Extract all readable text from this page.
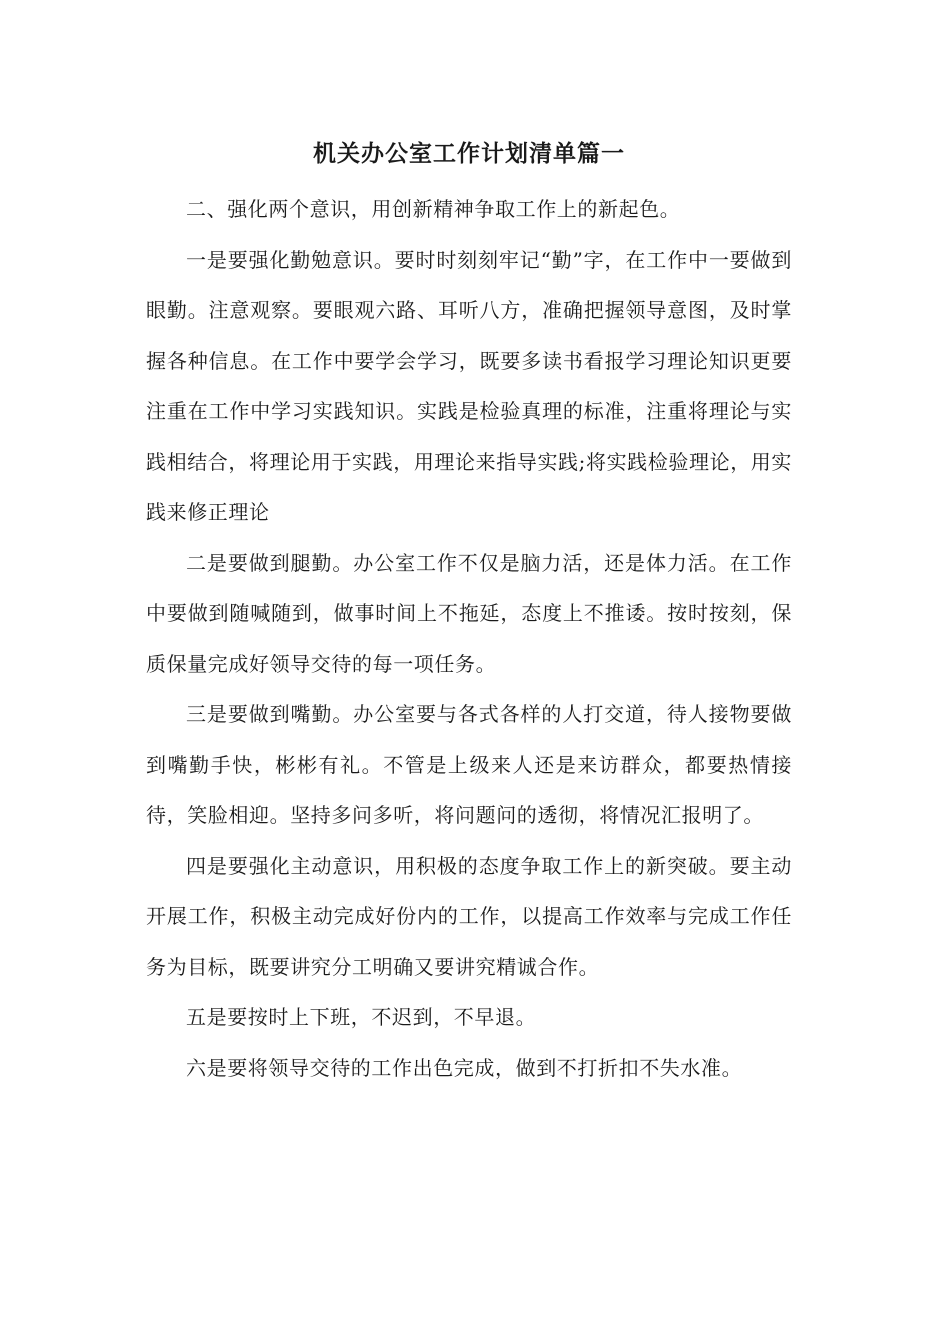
机关办公室工作计划清单篇一

二、强化两个意识，用创新精神争取工作上的新起色。

一是要强化勤勉意识。要时时刻刻牢记“勤”字，在工作中一要做到眼勤。注意观察。要眼观六路、耳听八方，准确把握领导意图，及时掌握各种信息。在工作中要学会学习，既要多读书看报学习理论知识更要注重在工作中学习实践知识。实践是检验真理的标准，注重将理论与实践相结合，将理论用于实践，用理论来指导实践;将实践检验理论，用实践来修正理论

二是要做到腿勤。办公室工作不仅是脑力活，还是体力活。在工作中要做到随喊随到，做事时间上不拖延，态度上不推诿。按时按刻，保质保量完成好领导交待的每一项任务。

三是要做到嘴勤。办公室要与各式各样的人打交道，待人接物要做到嘴勤手快，彬彬有礼。不管是上级来人还是来访群众，都要热情接待，笑脸相迎。坚持多问多听，将问题问的透彻，将情况汇报明了。

四是要强化主动意识，用积极的态度争取工作上的新突破。要主动开展工作，积极主动完成好份内的工作，以提高工作效率与完成工作任务为目标，既要讲究分工明确又要讲究精诚合作。

五是要按时上下班，不迟到，不早退。

六是要将领导交待的工作出色完成，做到不打折扣不失水准。
